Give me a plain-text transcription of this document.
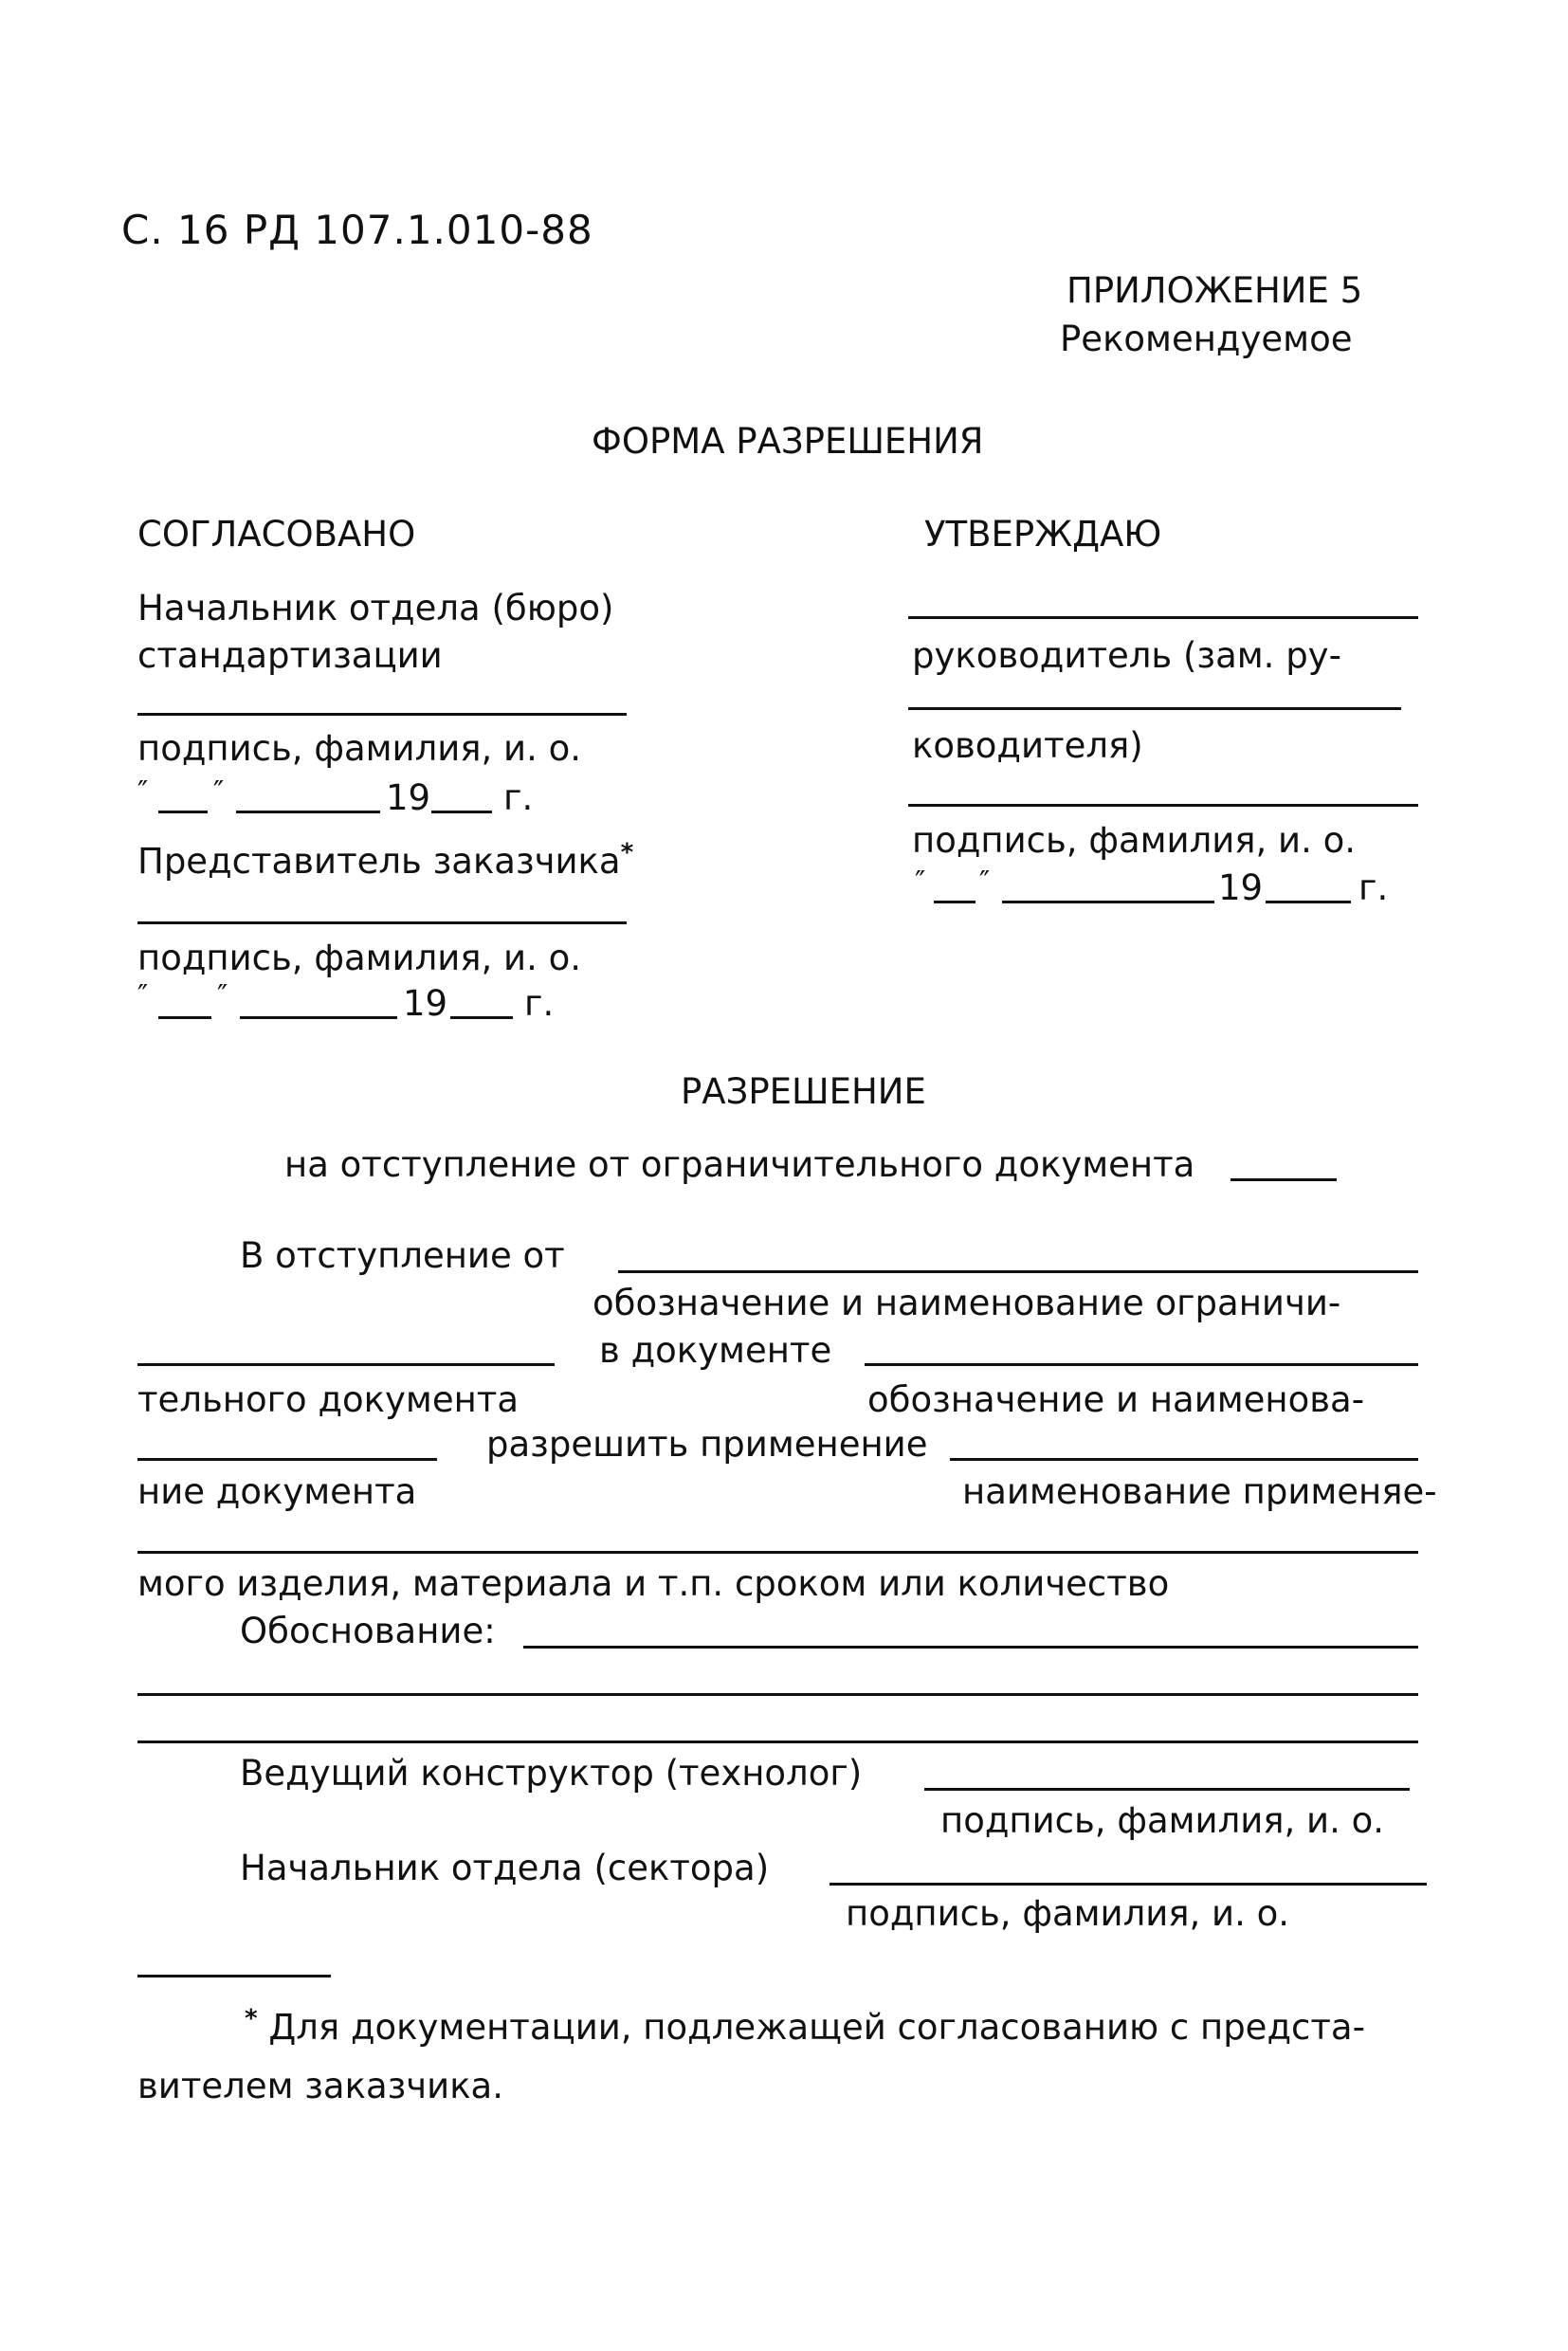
С. 16 РД 107.1.010-88
ПРИЛОЖЕНИЕ 5
Рекомендуемое
ФОРМА РАЗРЕШЕНИЯ
СОГЛАСОВАНО
Начальник отдела (бюро)
стандартизации
подпись, фамилия, и. о.
″ ″	19 г.
Представитель заказчика*
подпись, фамилия, и. о.
″ ″	19 г.
УТВЕРЖДАЮ
руководитель (зам. ру-
ководителя)
подпись, фамилия, и. о.
″ ″	19	г.
РАЗРЕШЕНИЕ
на отступление от ограничительного документа
В отступление от
обозначение и наименование ограничи-
в документе
тельного документа	обозначение и наименова-
разрешить применение
ние документа	наименование применяе-
мого изделия, материала и т.п. сроком или количество
Обоснование:
Ведущий конструктор (технолог)
подпись, фамилия, и. о.
Начальник отдела (сектора)
подпись, фамилия, и. о.
* Для документации, подлежащей согласованию с предста-
вителем заказчика.
